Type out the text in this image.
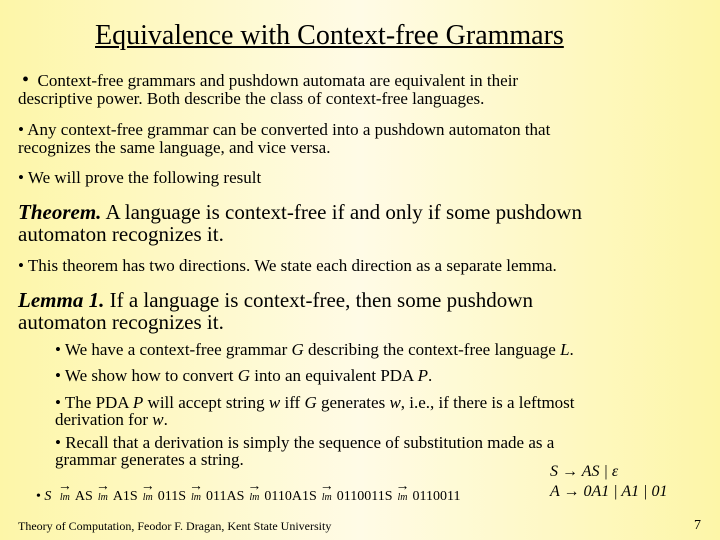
Equivalence with Context-free Grammars
• Context-free grammars and pushdown automata are equivalent in their
descriptive power. Both describe the class of context-free languages.
• Any context-free grammar can be converted into a pushdown automaton that
recognizes the same language, and vice versa.
• We will prove the following result
Theorem. A language is context-free if and only if some pushdown
automaton recognizes it.
• This theorem has two directions. We state each direction as a separate lemma.
Lemma 1. If a language is context-free, then some pushdown
automaton recognizes it.
• We have a context-free grammar G describing the context-free language L.
• We show how to convert G into an equivalent PDA P.
• The PDA P will accept string w iff G generates w, i.e., if there is a leftmost
derivation for w.
• Recall that a derivation is simply the sequence of substitution made as a
grammar generates a string.
• S
→
lm AS
→
lm A1S
→
lm 011S
→
lm 011AS
→
lm 0110A1S
→
lm 0110011S
→
lm 0110011
S → AS | ε
A → 0A1 | A1 | 01
Theory of Computation, Feodor F. Dragan, Kent State University	7
